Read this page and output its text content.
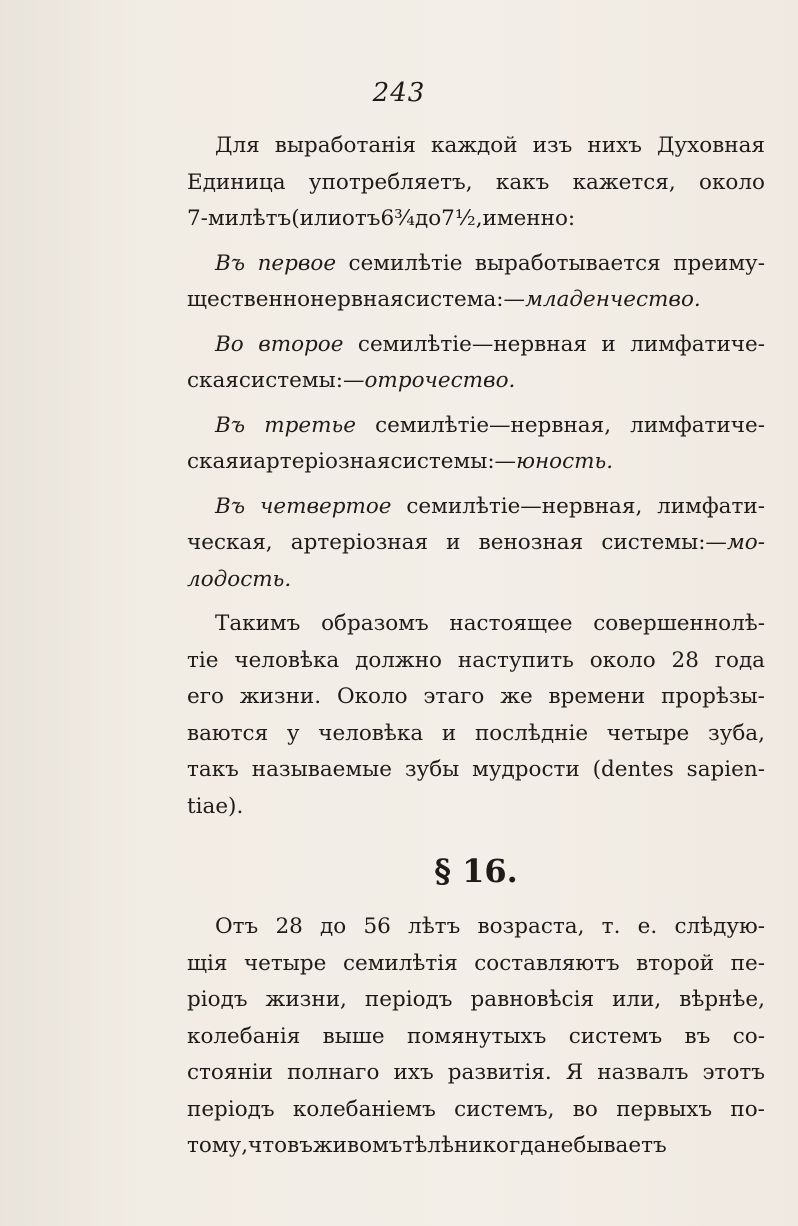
243
Для выработанія каждой изъ нихъ Духовная
Единица употребляетъ, какъ кажется, около
7-ми лѣтъ (или отъ 6¾ до 7½, именно:
Въ первое семилѣтіе выработывается преиму-
щественно нервная система:—младенчество.
Во второе семилѣтіе—нервная и лимфатиче-
ская системы:—отрочество.
Въ третье семилѣтіе—нервная, лимфатиче-
ская и артеріозная системы:—юность.
Въ четвертое семилѣтіе—нервная, лимфати-
ческая, артеріозная и венозная системы:—мо-
лодость.
Такимъ образомъ настоящее совершеннолѣ-
тіе человѣка должно наступить около 28 года
его жизни. Около этаго же времени прорѣзы-
ваются у человѣка и послѣдніе четыре зуба,
такъ называемые зубы мудрости (dentes sapien-
tiae).
§ 16.
Отъ 28 до 56 лѣтъ возраста, т. е. слѣдую-
щія четыре семилѣтія составляютъ второй пе-
ріодъ жизни, періодъ равновѣсія или, вѣрнѣе,
колебанія выше помянутыхъ системъ въ со-
стояніи полнаго ихъ развитія. Я назвалъ этотъ
періодъ колебаніемъ системъ, во первыхъ по-
тому, что въ живомъ тѣлѣ никогда не бываетъ
